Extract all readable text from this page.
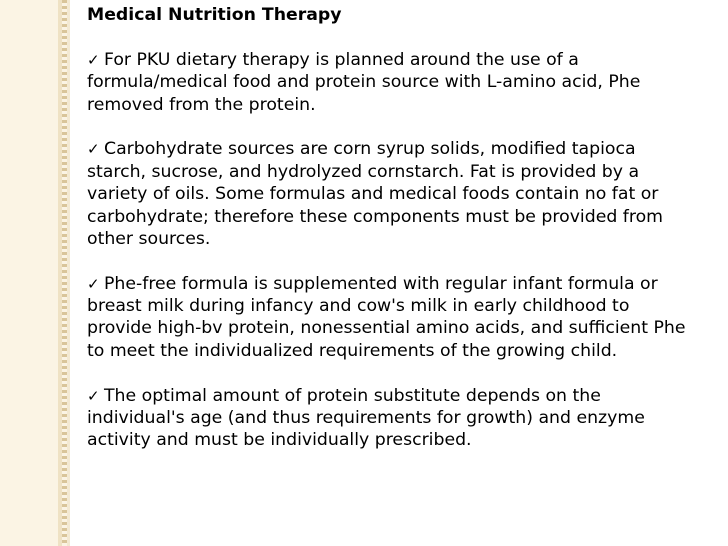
Medical Nutrition Therapy
✓ For PKU dietary therapy is planned around the use of a
formula/medical food and protein source with L-amino acid, Phe
removed from the protein.
✓ Carbohydrate sources are corn syrup solids, modified tapioca
starch, sucrose, and hydrolyzed cornstarch. Fat is provided by a
variety of oils. Some formulas and medical foods contain no fat or
carbohydrate; therefore these components must be provided from
other sources.
✓ Phe-free formula is supplemented with regular infant formula or
breast milk during infancy and cow's milk in early childhood to
provide high-bv protein, nonessential amino acids, and sufficient Phe
to meet the individualized requirements of the growing child.
✓ The optimal amount of protein substitute depends on the
individual's age (and thus requirements for growth) and enzyme
activity and must be individually prescribed.
